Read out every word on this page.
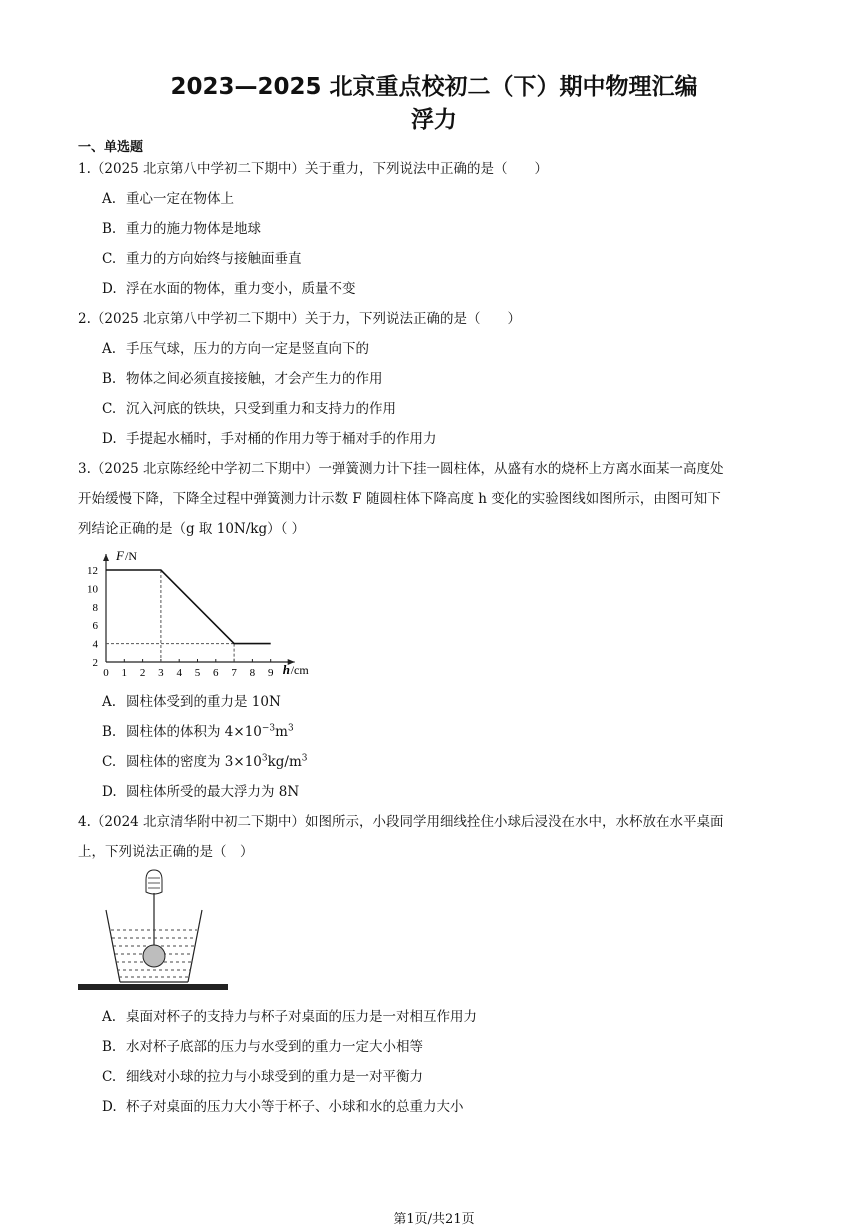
2023—2025 北京重点校初二（下）期中物理汇编
浮力
一、单选题
1.（2025 北京第八中学初二下期中）关于重力，下列说法中正确的是（　　）
A. 重心一定在物体上
B. 重力的施力物体是地球
C. 重力的方向始终与接触面垂直
D. 浮在水面的物体，重力变小，质量不变
2.（2025 北京第八中学初二下期中）关于力，下列说法正确的是（　　）
A. 手压气球，压力的方向一定是竖直向下的
B. 物体之间必须直接接触，才会产生力的作用
C. 沉入河底的铁块，只受到重力和支持力的作用
D. 手提起水桶时，手对桶的作用力等于桶对手的作用力
3.（2025 北京陈经纶中学初二下期中）一弹簧测力计下挂一圆柱体，从盛有水的烧杯上方离水面某一高度处
开始缓慢下降，下降全过程中弹簧测力计示数 F 随圆柱体下降高度 h 变化的实验图线如图所示，由图可知下
列结论正确的是（g 取 10N/kg）（ ）
F /N
h /cm
0 1 2 3 4 5 6 7 8 9
2
4
6
8
10
12
A. 圆柱体受到的重力是 10N
B. 圆柱体的体积为 $4\times 10^{-3}m^3$
C. 圆柱体的密度为 $3\times 10^3kg/m^3$
D. 圆柱体所受的最大浮力为 8N
4.（2024 北京清华附中初二下期中）如图所示，小段同学用细线拴住小球后浸没在水中，水杯放在水平桌面
上，下列说法正确的是（　）
A. 桌面对杯子的支持力与杯子对桌面的压力是一对相互作用力
B. 水对杯子底部的压力与水受到的重力一定大小相等
C. 细线对小球的拉力与小球受到的重力是一对平衡力
D. 杯子对桌面的压力大小等于杯子、小球和水的总重力大小
第1页/共21页
